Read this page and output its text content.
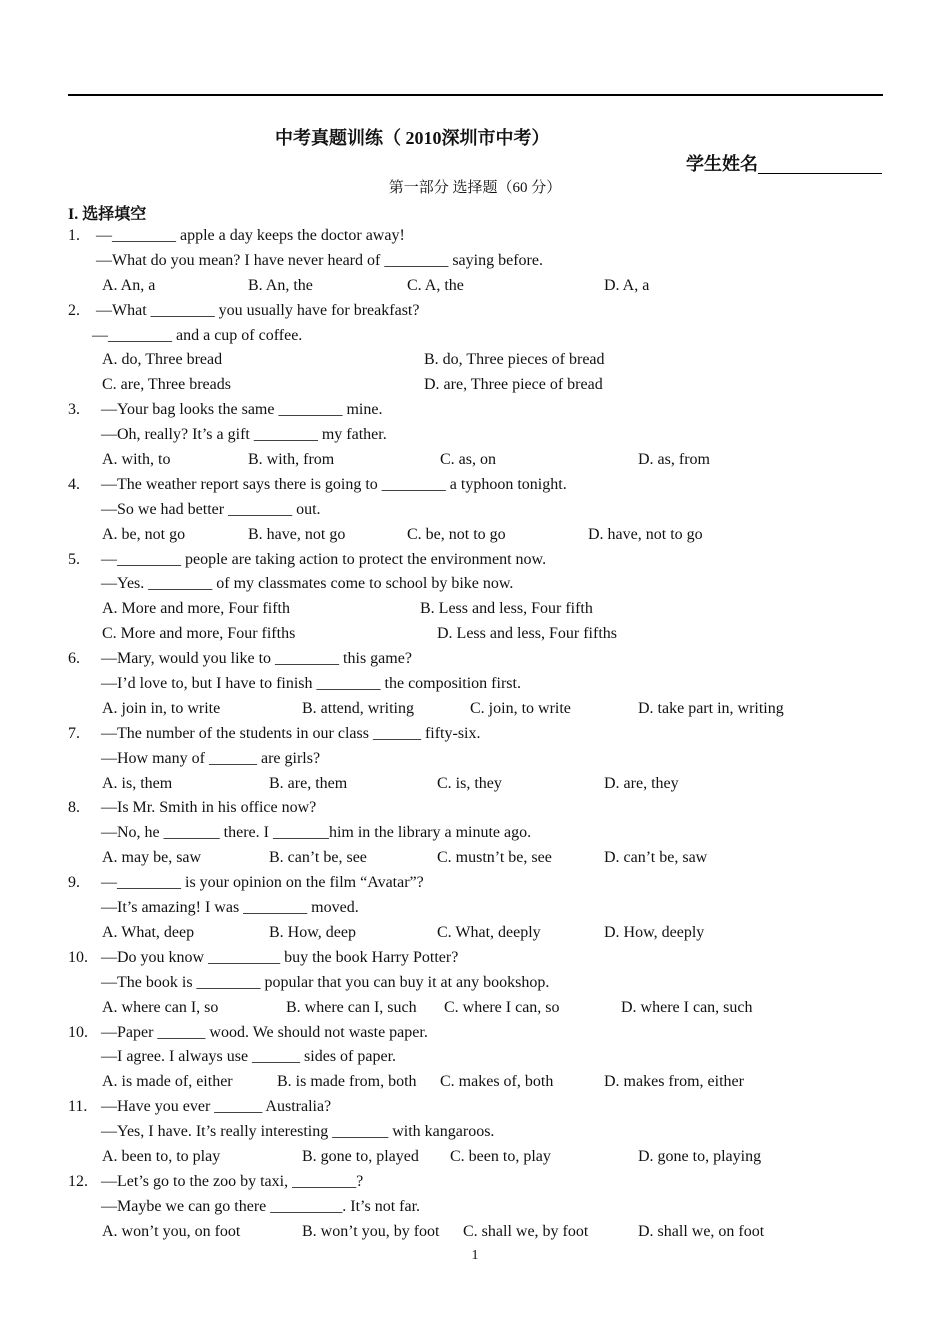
中考真题训练（ 2010深圳市中考）
学生姓名
第一部分 选择题（60 分）
I. 选择填空
1. —________ apple a day keeps the doctor away!
—What do you mean? I have never heard of ________ saying before.
A. An, a	B. An, the	C. A, the	D. A, a
2. —What ________ you usually have for breakfast?
—________ and a cup of coffee.
A. do, Three bread	B. do, Three pieces of bread
C. are, Three breads	D. are, Three piece of bread
3. —Your bag looks the same ________ mine.
—Oh, really? It’s a gift ________ my father.
A. with, to	B. with, from	C. as, on	D. as, from
4. —The weather report says there is going to ________ a typhoon tonight.
—So we had better ________ out.
A. be, not go	B. have, not go	C. be, not to go	D. have, not to go
5. —________ people are taking action to protect the environment now.
—Yes. ________ of my classmates come to school by bike now.
A. More and more, Four fifth	B. Less and less, Four fifth
C. More and more, Four fifths	D. Less and less, Four fifths
6. —Mary, would you like to ________ this game?
—I’d love to, but I have to finish ________ the composition first.
A. join in, to write	B. attend, writing	C. join, to write	D. take part in, writing
7. —The number of the students in our class ______ fifty-six.
—How many of ______ are girls?
A. is, them	B. are, them	C. is, they	D. are, they
8. —Is Mr. Smith in his office now?
—No, he _______ there. I _______him in the library a minute ago.
A. may be, saw	B. can’t be, see	C. mustn’t be, see	D. can’t be, saw
9. —________ is your opinion on the film “Avatar”?
—It’s amazing! I was ________ moved.
A. What, deep	B. How, deep	C. What, deeply	D. How, deeply
10. —Do you know _________ buy the book Harry Potter?
—The book is ________ popular that you can buy it at any bookshop.
A. where can I, so	B. where can I, such C. where I can, so	D. where I can, such
10. —Paper ______ wood. We should not waste paper.
—I agree. I always use ______ sides of paper.
A. is made of, either	B. is made from, both C. makes of, both	D. makes from, either
11. —Have you ever ______ Australia?
—Yes, I have. It’s really interesting _______ with kangaroos.
A. been to, to play	B. gone to, played C. been to, play	D. gone to, playing
12. —Let’s go to the zoo by taxi, ________?
—Maybe we can go there _________. It’s not far.
A. won’t you, on foot	B. won’t you, by foot C. shall we, by foot	D. shall we, on foot
1
